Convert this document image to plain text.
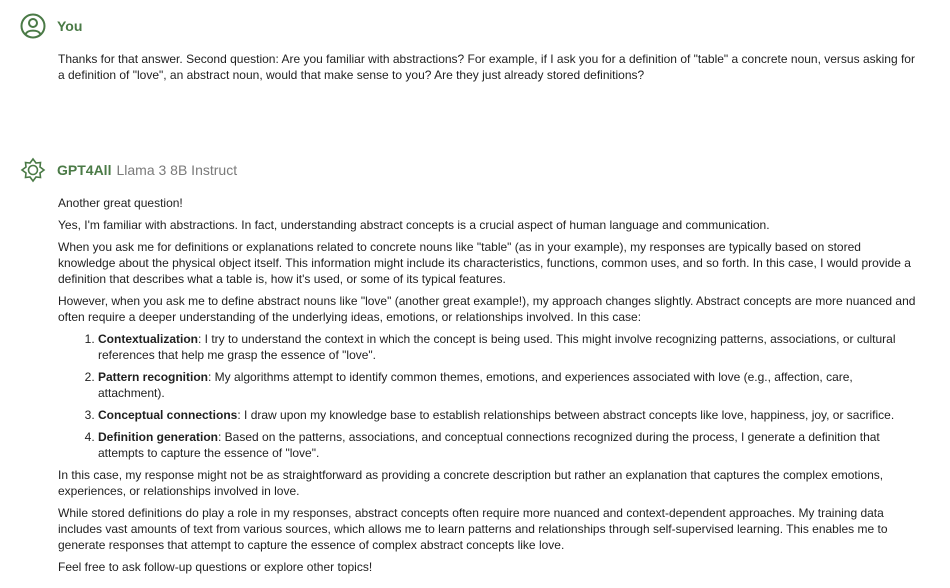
You

Thanks for that answer. Second question: Are you familiar with abstractions? For example, if I ask you for a definition of "table" a concrete noun, versus asking for a definition of "love", an abstract noun, would that make sense to you? Are they just already stored definitions?

GPT4All Llama 3 8B Instruct

Another great question!

Yes, I'm familiar with abstractions. In fact, understanding abstract concepts is a crucial aspect of human language and communication.

When you ask me for definitions or explanations related to concrete nouns like "table" (as in your example), my responses are typically based on stored knowledge about the physical object itself. This information might include its characteristics, functions, common uses, and so forth. In this case, I would provide a definition that describes what a table is, how it's used, or some of its typical features.

However, when you ask me to define abstract nouns like "love" (another great example!), my approach changes slightly. Abstract concepts are more nuanced and often require a deeper understanding of the underlying ideas, emotions, or relationships involved. In this case:

1. Contextualization: I try to understand the context in which the concept is being used. This might involve recognizing patterns, associations, or cultural references that help me grasp the essence of "love".
2. Pattern recognition: My algorithms attempt to identify common themes, emotions, and experiences associated with love (e.g., affection, care, attachment).
3. Conceptual connections: I draw upon my knowledge base to establish relationships between abstract concepts like love, happiness, joy, or sacrifice.
4. Definition generation: Based on the patterns, associations, and conceptual connections recognized during the process, I generate a definition that attempts to capture the essence of "love".

In this case, my response might not be as straightforward as providing a concrete description but rather an explanation that captures the complex emotions, experiences, or relationships involved in love.

While stored definitions do play a role in my responses, abstract concepts often require more nuanced and context-dependent approaches. My training data includes vast amounts of text from various sources, which allows me to learn patterns and relationships through self-supervised learning. This enables me to generate responses that attempt to capture the essence of complex abstract concepts like love.

Feel free to ask follow-up questions or explore other topics!
